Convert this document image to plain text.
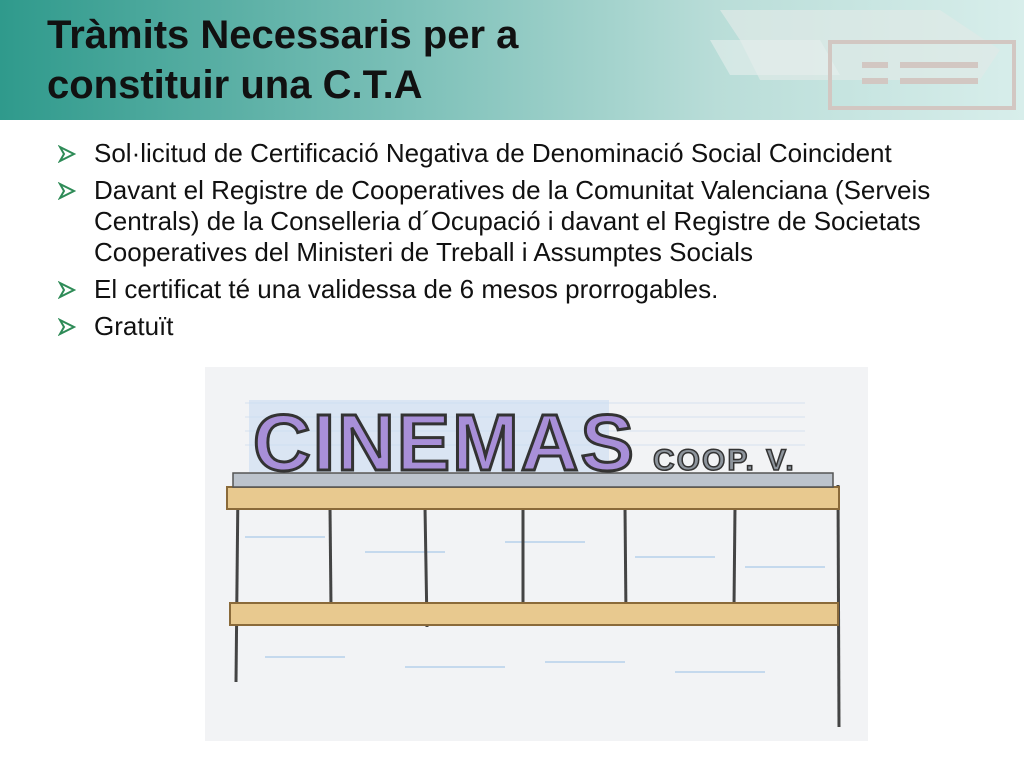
Tràmits Necessaris per a
constituir una C.T.A
Sol·licitud de Certificació Negativa de Denominació Social Coincident
Davant el Registre de Cooperatives de la Comunitat Valenciana (Serveis Centrals) de la Conselleria d´Ocupació i davant el Registre de Societats Cooperatives del Ministeri de Treball i Assumptes Socials
El certificat té una validessa de 6 mesos prorrogables.
Gratuït
CINEMAS COOP. V.
